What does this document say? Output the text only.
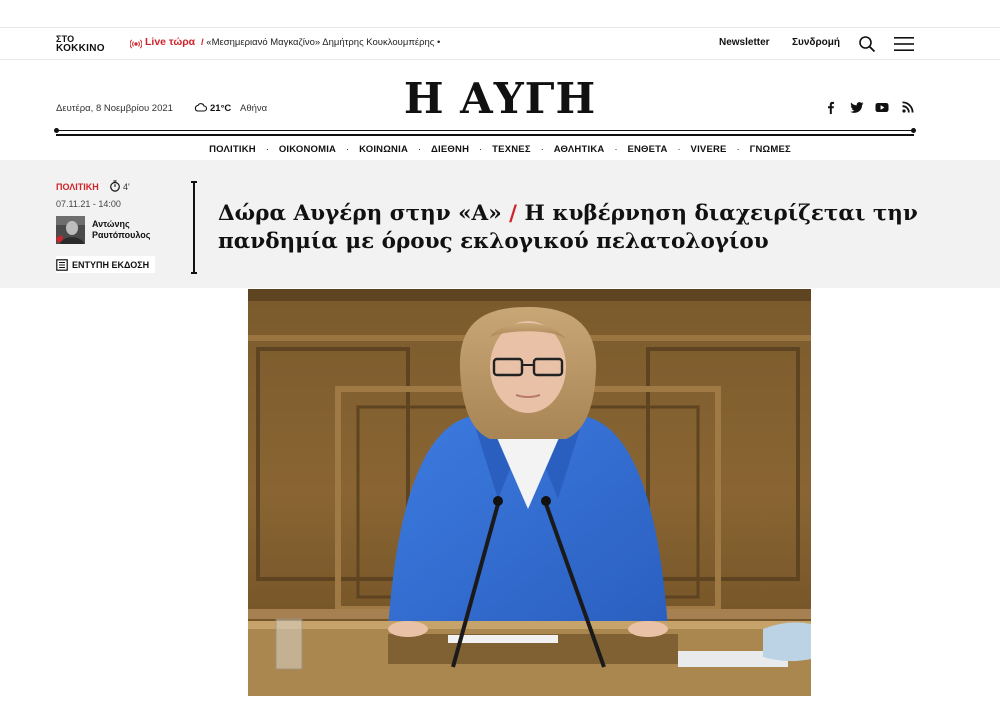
ΣΤΟ
ΚΟΚΚΙΝΟ
Live τώρα / «Μεσημεριανό Μαγκαζίνο» Δημήτρης Κουκλουμπέρης •	Newsletter Συνδρομή
Δευτέρα, 8 Νοεμβρίου 2021	21°C Αθήνα	Η ΑΥΓΗ
ΠΟΛΙΤΙΚΗ · ΟΙΚΟΝΟΜΙΑ · ΚΟΙΝΩΝΙΑ · ΔΙΕΘΝΗ · ΤΕΧΝΕΣ · ΑΘΛΗΤΙΚΑ · ΕΝΘΕΤΑ · VIVERE · ΓΝΩΜΕΣ
ΠΟΛΙΤΙΚΗ	4'
07.11.21 - 14:00
Αντώνης Ραυτόπουλος
ΕΝΤΥΠΗ ΕΚΔΟΣΗ
Δώρα Αυγέρη στην «Α» / Η κυβέρνηση διαχειρίζεται την πανδημία με όρους εκλογικού πελατολογίου
